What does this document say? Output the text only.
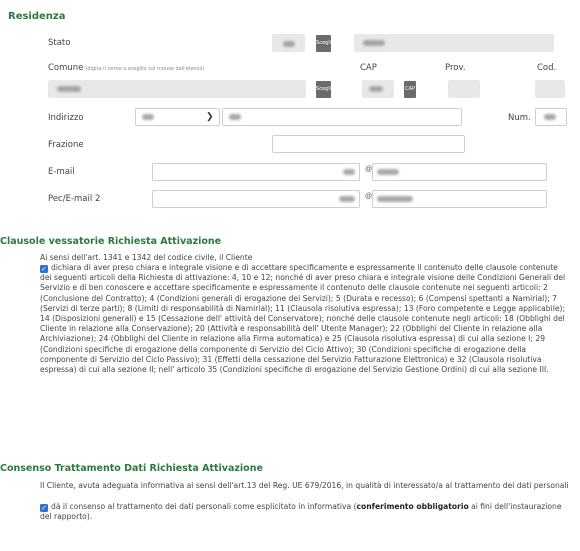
Residenza
Stato	Scegli
Comune (digita il nome o sceglilo col mouse dall'elenco)	CAP	Prov.	Cod.
Scegli	CAP
Indirizzo	❯	Num.
Frazione
E-mail	@
Pec/E-mail 2	@
Clausole vessatorie Richiesta Attivazione
Ai sensi dell'art. 1341 e 1342 del codice civile, il Cliente
✓ dichiara di aver preso chiara e integrale visione e di accettare specificamente e espressamente il contenuto delle clausole contenute dei seguenti articoli della Richiesta di attivazione: 4, 10 e 12; nonché di aver preso chiara e integrale visione delle Condizioni Generali del Servizio e di ben conoscere e accettare specificamente e espressamente il contenuto delle clausole contenute nei seguenti articoli: 2 (Conclusione del Contratto); 4 (Condizioni generali di erogazione dei Servizi); 5 (Durata e recesso); 6 (Compensi spettanti a Namirial); 7 (Servizi di terze parti); 8 (Limiti di responsabilità di Namirial); 11 (Clausola risolutiva espressa); 13 (Foro competente e Legge applicabile); 14 (Disposizioni generali) e 15 (Cessazione dell' attività del Conservatore); nonché delle clausole contenute negli articoli: 18 (Obblighi del Cliente in relazione alla Conservazione); 20 (Attività e responsabilità dell' Utente Manager); 22 (Obblighi del Cliente in relazione alla Archiviazione); 24 (Obblighi del Cliente in relazione alla Firma automatica) e 25 (Clausola risolutiva espressa) di cui alla sezione I; 29 (Condizioni specifiche di erogazione della componente di Servizio del Ciclo Attivo); 30 (Condizioni specifiche di erogazione della componente di Servizio del Ciclo Passivo); 31 (Effetti della cessazione del Servizio Fatturazione Elettronica) e 32 (Clausola risolutiva espressa) di cui alla sezione II; nell' articolo 35 (Condizioni specifiche di erogazione del Servizio Gestione Ordini) di cui alla sezione III.
Consenso Trattamento Dati Richiesta Attivazione
Il Cliente, avuta adeguata informativa ai sensi dell'art.13 del Reg. UE 679/2016, in qualità di interessato/a al trattamento dei dati personali
✓ dà il consenso al trattamento dei dati personali come esplicitato in informativa (conferimento obbligatorio ai fini dell'instaurazione del rapporto).
